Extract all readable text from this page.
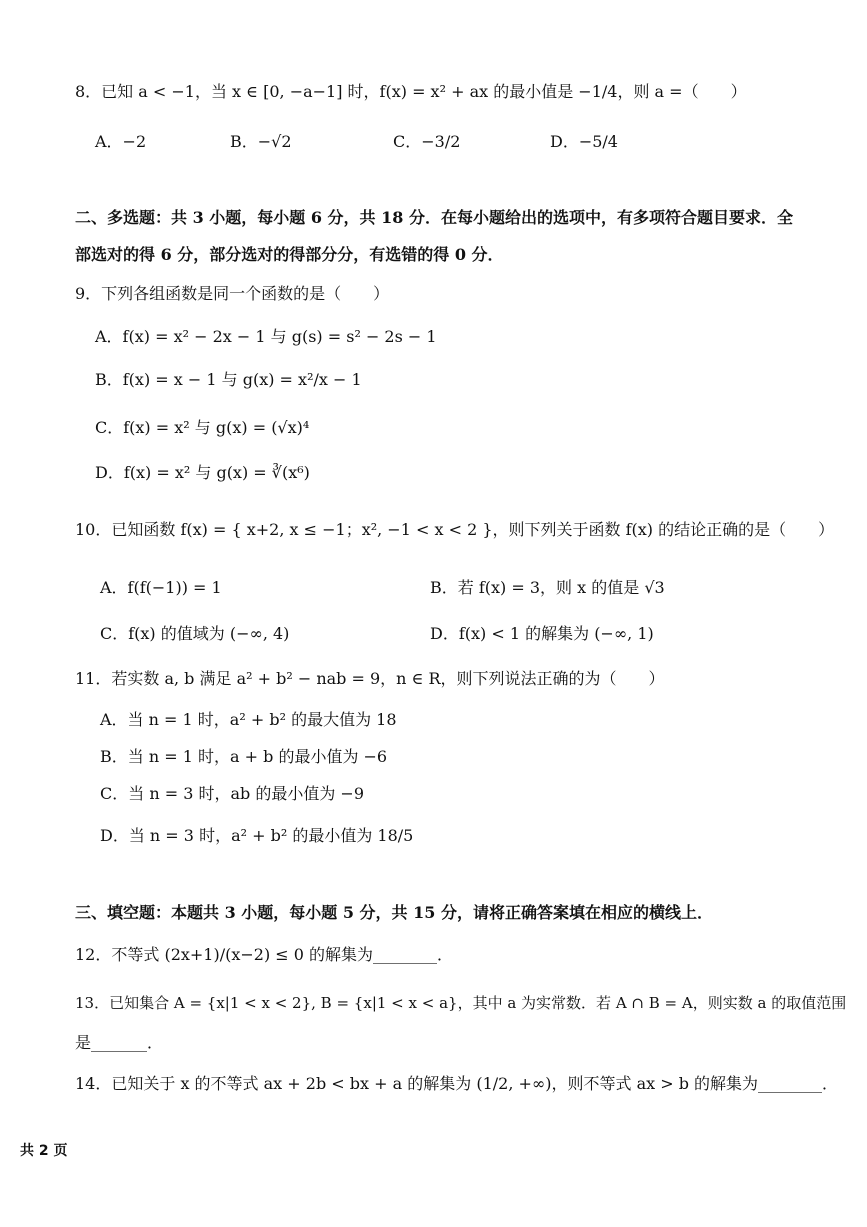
8．已知 a < −1，当 x ∈ [0, −a−1] 时，f(x) = x² + ax 的最小值是 −1/4，则 a =（　　）
A．−2	B．−√2	C．−3/2	D．−5/4
二、多选题：共 3 小题，每小题 6 分，共 18 分．在每小题给出的选项中，有多项符合题目要求．全
部选对的得 6 分，部分选对的得部分分，有选错的得 0 分．
9．下列各组函数是同一个函数的是（　　）
A．f(x) = x² − 2x − 1 与 g(s) = s² − 2s − 1
B．f(x) = x − 1 与 g(x) = x²/x − 1
C．f(x) = x² 与 g(x) = (√x)⁴
D．f(x) = x² 与 g(x) = ∛(x⁶)
10．已知函数 f(x) = { x+2, x ≤ −1；x², −1 < x < 2 }，则下列关于函数 f(x) 的结论正确的是（　　）
A．f(f(−1)) = 1	B．若 f(x) = 3，则 x 的值是 √3
C．f(x) 的值域为 (−∞, 4)	D．f(x) < 1 的解集为 (−∞, 1)
11．若实数 a, b 满足 a² + b² − nab = 9，n ∈ R，则下列说法正确的为（　　）
A．当 n = 1 时，a² + b² 的最大值为 18
B．当 n = 1 时，a + b 的最小值为 −6
C．当 n = 3 时，ab 的最小值为 −9
D．当 n = 3 时，a² + b² 的最小值为 18/5
三、填空题：本题共 3 小题，每小题 5 分，共 15 分，请将正确答案填在相应的横线上．
12．不等式 (2x+1)/(x−2) ≤ 0 的解集为________．
13．已知集合 A = {x|1 < x < 2}, B = {x|1 < x < a}，其中 a 为实常数．若 A ∩ B = A，则实数 a 的取值范围
是_______．
14．已知关于 x 的不等式 ax + 2b < bx + a 的解集为 (1/2, +∞)，则不等式 ax > b 的解集为________．
共 2 页
